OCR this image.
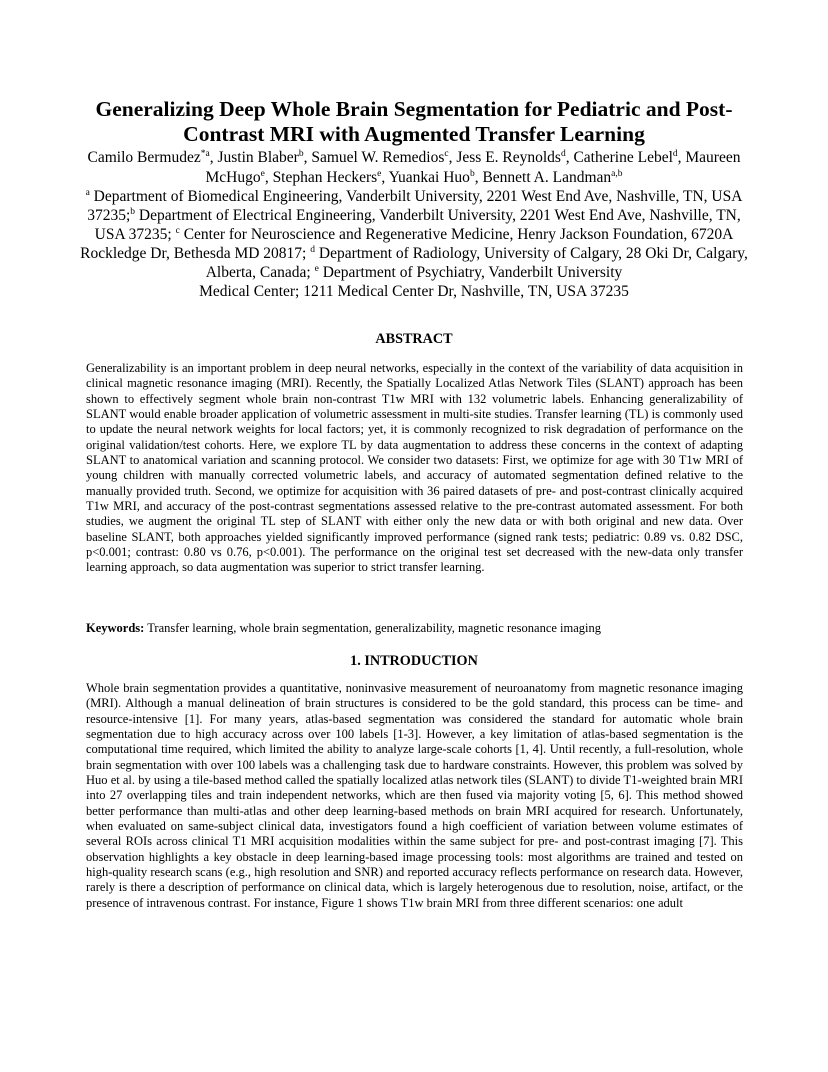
Generalizing Deep Whole Brain Segmentation for Pediatric and Post-Contrast MRI with Augmented Transfer Learning

Camilo Bermudez$^{*a}$, Justin Blaber$^b$, Samuel W. Remedios$^c$, Jess E. Reynolds$^d$, Catherine Lebel$^d$, Maureen McHugo$^e$, Stephan Heckers$^e$, Yuankai Huo$^b$, Bennett A. Landman$^{a,b}$

$^a$ Department of Biomedical Engineering, Vanderbilt University, 2201 West End Ave, Nashville, TN, USA 37235;$^b$ Department of Electrical Engineering, Vanderbilt University, 2201 West End Ave, Nashville, TN, USA 37235; $^c$ Center for Neuroscience and Regenerative Medicine, Henry Jackson Foundation, 6720A Rockledge Dr, Bethesda MD 20817; $^d$ Department of Radiology, University of Calgary, 28 Oki Dr, Calgary, Alberta, Canada; $^e$ Department of Psychiatry, Vanderbilt University
Medical Center; 1211 Medical Center Dr, Nashville, TN, USA 37235

ABSTRACT

Generalizability is an important problem in deep neural networks, especially in the context of the variability of data acquisition in clinical magnetic resonance imaging (MRI). Recently, the Spatially Localized Atlas Network Tiles (SLANT) approach has been shown to effectively segment whole brain non-contrast T1w MRI with 132 volumetric labels. Enhancing generalizability of SLANT would enable broader application of volumetric assessment in multi-site studies. Transfer learning (TL) is commonly used to update the neural network weights for local factors; yet, it is commonly recognized to risk degradation of performance on the original validation/test cohorts. Here, we explore TL by data augmentation to address these concerns in the context of adapting SLANT to anatomical variation and scanning protocol. We consider two datasets: First, we optimize for age with 30 T1w MRI of young children with manually corrected volumetric labels, and accuracy of automated segmentation defined relative to the manually provided truth. Second, we optimize for acquisition with 36 paired datasets of pre- and post-contrast clinically acquired T1w MRI, and accuracy of the post-contrast segmentations assessed relative to the pre-contrast automated assessment. For both studies, we augment the original TL step of SLANT with either only the new data or with both original and new data. Over baseline SLANT, both approaches yielded significantly improved performance (signed rank tests; pediatric: 0.89 vs. 0.82 DSC, p<0.001; contrast: 0.80 vs 0.76, p<0.001). The performance on the original test set decreased with the new-data only transfer learning approach, so data augmentation was superior to strict transfer learning.

Keywords: Transfer learning, whole brain segmentation, generalizability, magnetic resonance imaging

1. INTRODUCTION

Whole brain segmentation provides a quantitative, noninvasive measurement of neuroanatomy from magnetic resonance imaging (MRI). Although a manual delineation of brain structures is considered to be the gold standard, this process can be time- and resource-intensive [1]. For many years, atlas-based segmentation was considered the standard for automatic whole brain segmentation due to high accuracy across over 100 labels [1-3]. However, a key limitation of atlas-based segmentation is the computational time required, which limited the ability to analyze large-scale cohorts [1, 4]. Until recently, a full-resolution, whole brain segmentation with over 100 labels was a challenging task due to hardware constraints. However, this problem was solved by Huo et al. by using a tile-based method called the spatially localized atlas network tiles (SLANT) to divide T1-weighted brain MRI into 27 overlapping tiles and train independent networks, which are then fused via majority voting [5, 6]. This method showed better performance than multi-atlas and other deep learning-based methods on brain MRI acquired for research. Unfortunately, when evaluated on same-subject clinical data, investigators found a high coefficient of variation between volume estimates of several ROIs across clinical T1 MRI acquisition modalities within the same subject for pre- and post-contrast imaging [7]. This observation highlights a key obstacle in deep learning-based image processing tools: most algorithms are trained and tested on high-quality research scans (e.g., high resolution and SNR) and reported accuracy reflects performance on research data. However, rarely is there a description of performance on clinical data, which is largely heterogenous due to resolution, noise, artifact, or the presence of intravenous contrast. For instance, Figure 1 shows T1w brain MRI from three different scenarios: one adult
